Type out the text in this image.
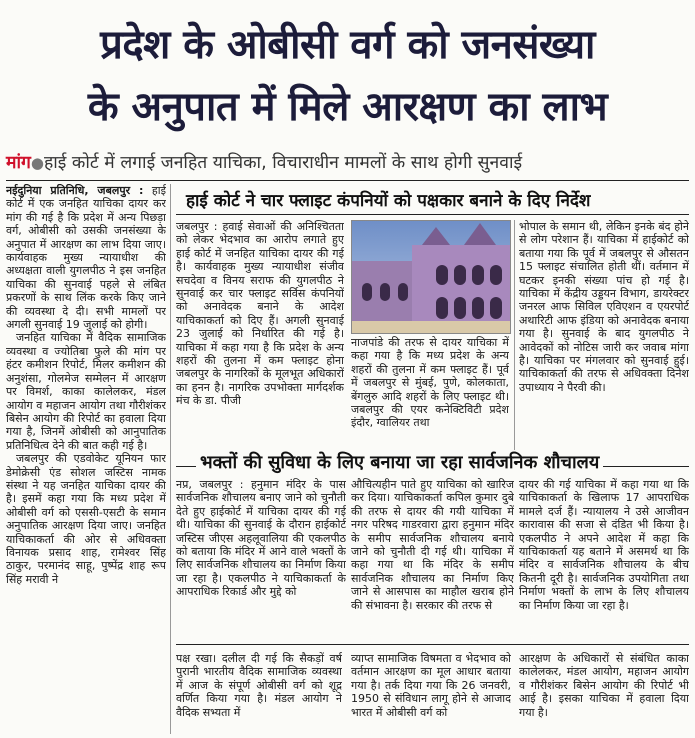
प्रदेश के ओबीसी वर्ग को जनसंख्या
के अनुपात में मिले आरक्षण का लाभ
मांग●हाई कोर्ट में लगाई जनहित याचिका, विचाराधीन मामलों के साथ होगी सुनवाई

नईदुनिया प्रतिनिधि, जबलपुर : हाई कोर्ट में एक जनहित याचिका दायर कर मांग की गई है कि प्रदेश में अन्य पिछड़ा वर्ग, ओबीसी को उसकी जनसंख्या के अनुपात में आरक्षण का लाभ दिया जाए। कार्यवाहक मुख्य न्यायाधीश की अध्यक्षता वाली युगलपीठ ने इस जनहित याचिका की सुनवाई पहले से लंबित प्रकरणों के साथ लिंक करके किए जाने की व्यवस्था दे दी। सभी मामलों पर अगली सुनवाई 19 जुलाई को होगी।

जनहित याचिका में वैदिक सामाजिक व्यवस्था व ज्योतिबा फुले की मांग पर हंटर कमीशन रिपोर्ट, मिलर कमीशन की अनुशंसा, गोलमेज सम्मेलन में आरक्षण पर विमर्श, काका कालेलकर, मंडल आयोग व महाजन आयोग तथा गौरीशंकर बिसेन आयोग की रिपोर्ट का हवाला दिया गया है, जिनमें ओबीसी को आनुपातिक प्रतिनिधित्व देने की बात कही गई है।

जबलपुर की एडवोकेट यूनियन फार डेमोक्रेसी एंड सोशल जस्टिस नामक संस्था ने यह जनहित याचिका दायर की है। इसमें कहा गया कि मध्य प्रदेश में ओबीसी वर्ग को एससी-एसटी के समान अनुपातिक आरक्षण दिया जाए। जनहित याचिकाकर्ता की ओर से अधिवक्ता विनायक प्रसाद शाह, रामेश्वर सिंह ठाकुर, परमानंद साहू, पुष्पेंद्र शाह रूप सिंह मरावी ने

हाई कोर्ट ने चार फ्लाइट कंपनियों को पक्षकार बनाने के दिए निर्देश

जबलपुर : हवाई सेवाओं की अनिश्चितता को लेकर भेदभाव का आरोप लगाते हुए हाई कोर्ट में जनहित याचिका दायर की गई है। कार्यवाहक मुख्य न्यायाधीश संजीव सचदेवा व विनय सराफ की युगलपीठ ने सुनवाई कर चार फ्लाइट सर्विस कंपनियों को अनावेदक बनाने के आदेश याचिकाकर्ता को दिए हैं। अगली सुनवाई 23 जुलाई को निर्धारित की गई है। याचिका में कहा गया है कि प्रदेश के अन्य शहरों की तुलना में कम फ्लाइट होना जबलपुर के नागरिकों के मूलभूत अधिकारों का हनन है। नागरिक उपभोक्ता मार्गदर्शक मंच के डा. पीजी

नाजपांडे की तरफ से दायर याचिका में कहा गया है कि मध्य प्रदेश के अन्य शहरों की तुलना में कम फ्लाइट हैं। पूर्व में जबलपुर से मुंबई, पुणे, कोलकाता, बेंगलुरु आदि शहरों के लिए फ्लाइट थी। जबलपुर की एयर कनेक्टिविटी प्रदेश इंदौर, ग्वालियर तथा

भोपाल के समान थी, लेकिन इनके बंद होने से लोग परेशान हैं। याचिका में हाईकोर्ट को बताया गया कि पूर्व में जबलपुर से औसतन 15 फ्लाइट संचालित होती थीं। वर्तमान में घटकर इनकी संख्या पांच हो गई है। याचिका में केंद्रीय उड्डयन विभाग, डायरेक्टर जनरल आफ सिविल एविएशन व एयरपोर्ट अथारिटी आफ इंडिया को अनावेदक बनाया गया है। सुनवाई के बाद युगलपीठ ने आवेदकों को नोटिस जारी कर जवाब मांगा है। याचिका पर मंगलवार को सुनवाई हुई। याचिकाकर्ता की तरफ से अधिवक्ता दिनेश उपाध्याय ने पैरवी की।

भक्तों की सुविधा के लिए बनाया जा रहा सार्वजनिक शौचालय

नप्र, जबलपुर : हनुमान मंदिर के पास सार्वजनिक शौचालय बनाए जाने को चुनौती देते हुए हाईकोर्ट में याचिका दायर की गई थी। याचिका की सुनवाई के दौरान हाईकोर्ट जस्टिस जीएस अहलूवालिया की एकलपीठ को बताया कि मंदिर में आने वाले भक्तों के लिए सार्वजनिक शौचालय का निर्माण किया जा रहा है। एकलपीठ ने याचिकाकर्ता के आपराधिक रिकार्ड और मुद्दे को

औचित्यहीन पाते हुए याचिका को खारिज कर दिया। याचिकाकर्ता कपिल कुमार दुबे की तरफ से दायर की गयी याचिका में नगर परिषद गाडरवारा द्वारा हनुमान मंदिर के समीप सार्वजनिक शौचालय बनाये जाने को चुनौती दी गई थी। याचिका में कहा गया था कि मंदिर के समीप सार्वजनिक शौचालय का निर्माण किए जाने से आसपास का माहौल खराब होने की संभावना है। सरकार की तरफ से

दायर की गई याचिका में कहा गया था कि याचिकाकर्ता के खिलाफ 17 आपराधिक मामले दर्ज हैं। न्यायालय ने उसे आजीवन कारावास की सजा से दंडित भी किया है। एकलपीठ ने अपने आदेश में कहा कि याचिकाकर्ता यह बताने में असमर्थ था कि मंदिर व सार्वजनिक शौचालय के बीच कितनी दूरी है। सार्वजनिक उपयोगिता तथा निर्माण भक्तों के लाभ के लिए शौचालय का निर्माण किया जा रहा है।

पक्ष रखा। दलील दी गई कि सैकड़ों वर्ष पुरानी भारतीय वैदिक सामाजिक व्यवस्था में आज के संपूर्ण ओबीसी वर्ग को शूद्र वर्णित किया गया है। मंडल आयोग ने वैदिक सभ्यता में

व्याप्त सामाजिक विषमता व भेदभाव को वर्तमान आरक्षण का मूल आधार बताया गया है। तर्क दिया गया कि 26 जनवरी, 1950 से संविधान लागू होने से आजाद भारत में ओबीसी वर्ग को

आरक्षण के अधिकारों से संबंधित काका कालेलकर, मंडल आयोग, महाजन आयोग व गौरीशंकर बिसेन आयोग की रिपोर्ट भी आई है। इसका याचिका में हवाला दिया गया है।
